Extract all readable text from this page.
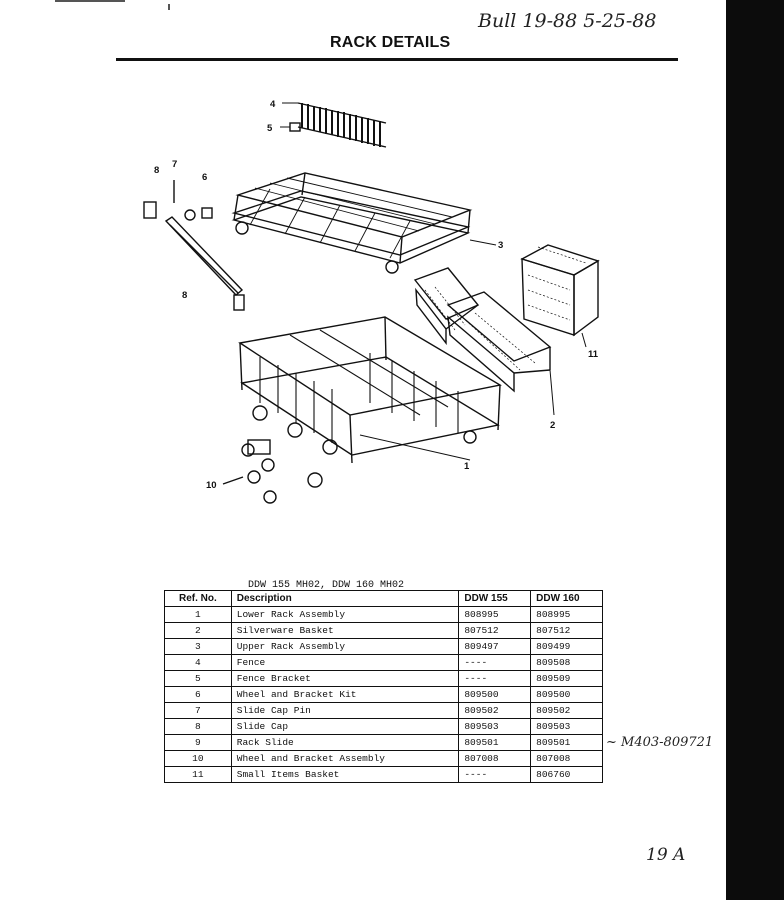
Bull 19-88 5-25-88
RACK DETAILS
4
5
3
2
1
11
6
7
8
8
10
DDW 155 MH02, DDW 160 MH02
Ref. No.	Description	DDW 155	DDW 160
1	Lower Rack Assembly	808995	808995
2	Silverware Basket	807512	807512
3	Upper Rack Assembly	809497	809499
4	Fence	----	809508
5	Fence Bracket	----	809509
6	Wheel and Bracket Kit	809500	809500
7	Slide Cap Pin	809502	809502
8	Slide Cap	809503	809503
9	Rack Slide	809501	809501
10	Wheel and Bracket Assembly	807008	807008
11	Small Items Basket	----	806760
~ M403-809721
19 A
